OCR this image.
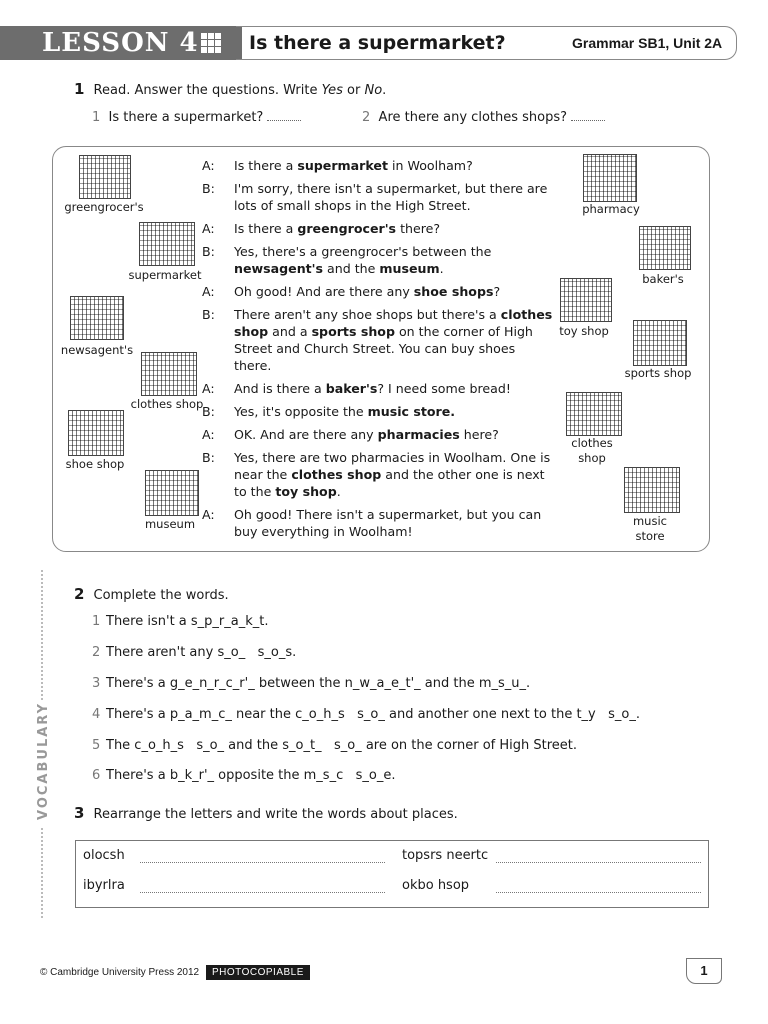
LESSON 4	Is there a supermarket?	Grammar SB1, Unit 2A
1 Read. Answer the questions. Write Yes or No.
1 Is there a supermarket?	2 Are there any clothes shops?

A: Is there a supermarket in Woolham?

B: I'm sorry, there isn't a supermarket, but there are lots of small shops in the High Street.

A: Is there a greengrocer's there?

B: Yes, there's a greengrocer's between the newsagent's and the museum.

A: Oh good! And are there any shoe shops?

B: There aren't any shoe shops but there's a clothes shop and a sports shop on the corner of High Street and Church Street. You can buy shoes there.

A: And is there a baker's? I need some bread!

B: Yes, it's opposite the music store.

A: OK. And are there any pharmacies here?

B: Yes, there are two pharmacies in Woolham. One is near the clothes shop and the other one is next to the toy shop.

A: Oh good! There isn't a supermarket, but you can buy everything in Woolham!

greengrocer's
supermarket
newsagent's
clothes shop
shoe shop
museum
pharmacy
baker's
toy shop
sports shop
clothes
shop
music
store
VOCABULARY
2 Complete the words.
1 There isn't a s_p_r_a_k_t.
2 There aren't any s_o_   s_o_s.
3 There's a g_e_n_r_c_r'_ between the n_w_a_e_t'_ and the m_s_u_.
4 There's a p_a_m_c_ near the c_o_h_s   s_o_ and another one next to the t_y   s_o_.
5 The c_o_h_s   s_o_ and the s_o_t_   s_o_ are on the corner of High Street.
6 There's a b_k_r'_ opposite the m_s_c   s_o_e.
3 Rearrange the letters and write the words about places.
olocsh	topsrs neertc
ibyrlra	okbo hsop
© Cambridge University Press 2012	PHOTOCOPIABLE	1
